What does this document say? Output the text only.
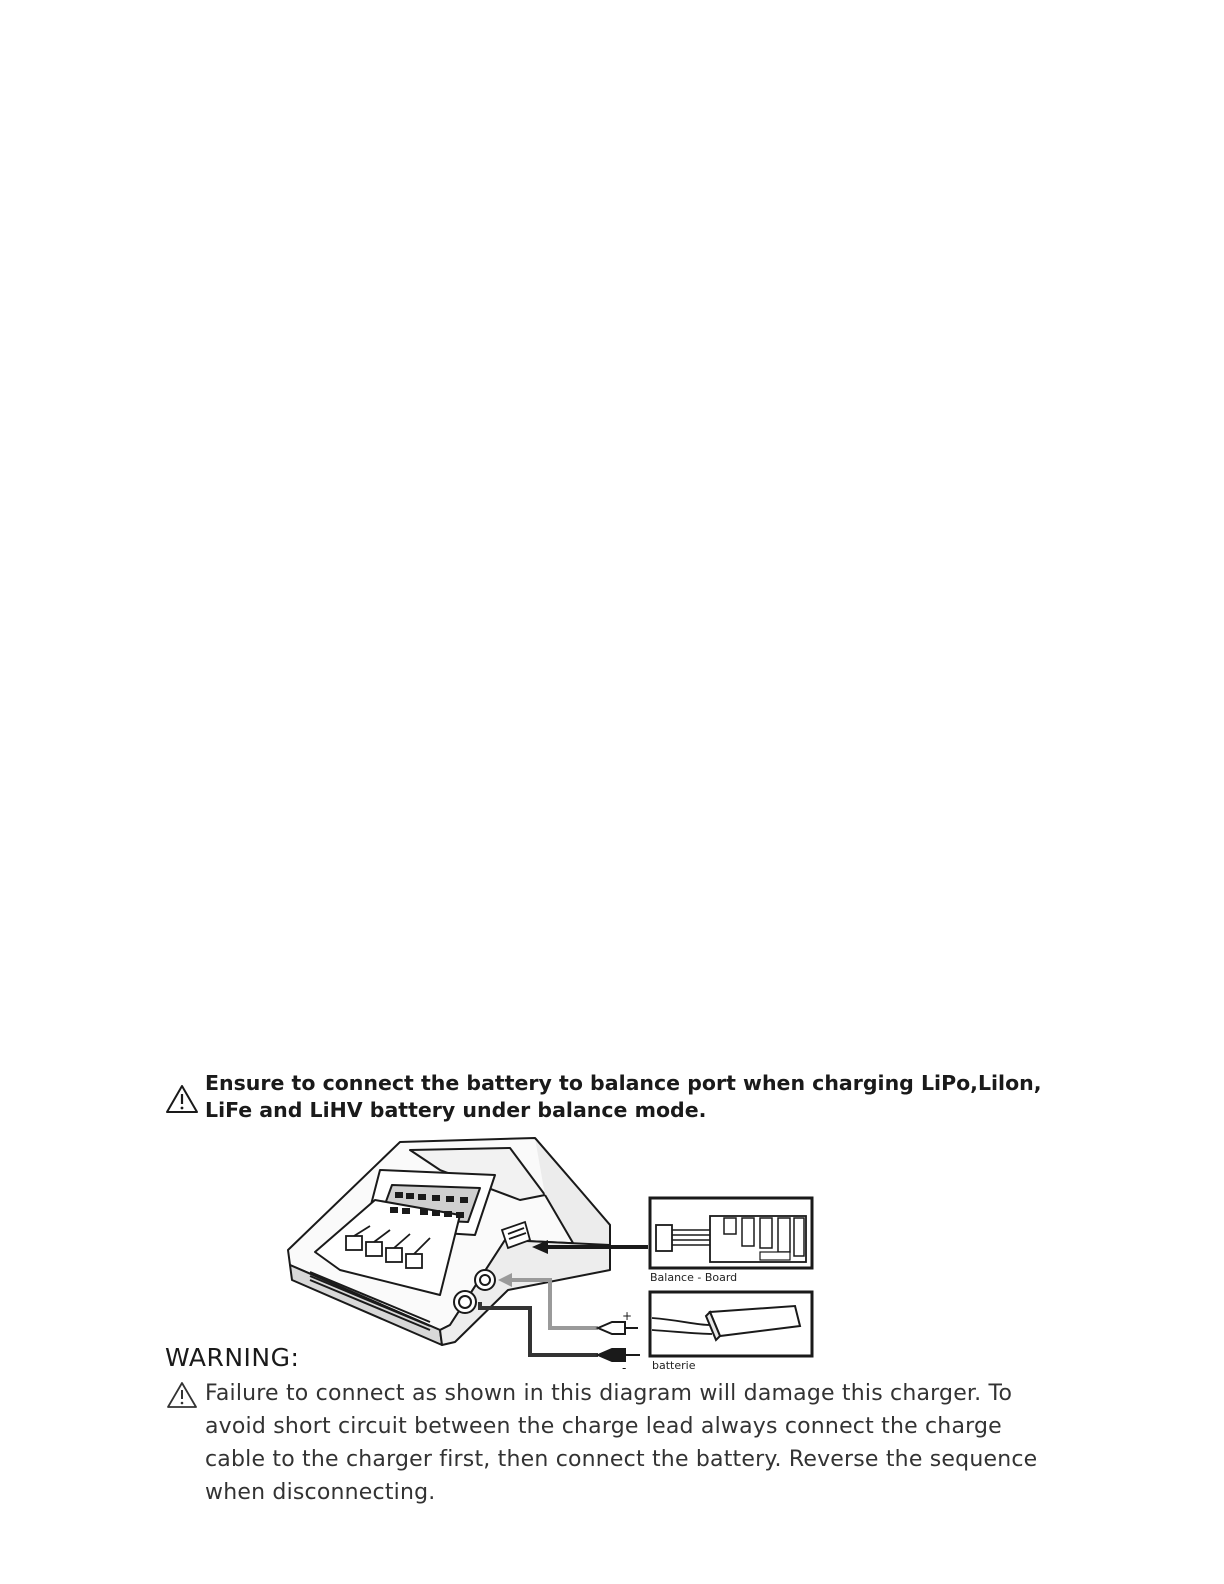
Ensure to connect the battery to balance port when charging LiPo,Lilon,
LiFe and LiHV battery under balance mode.
+
-
Balance - Board
batterie
WARNING:
Failure to connect as shown in this diagram will damage this charger. To
avoid short circuit between the charge lead always connect the charge
cable to the charger first, then connect the battery. Reverse the sequence
when disconnecting.
